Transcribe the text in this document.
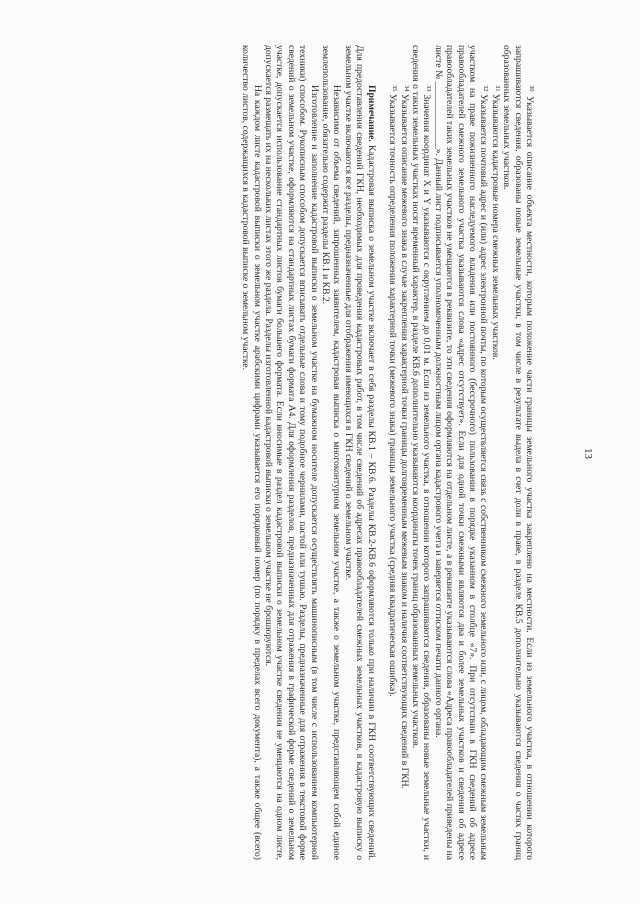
13

$^{30}$ Указывается описание объекта местности, которым положение части границы земельного участка закреплено на местности. Если из земельного участка, в отношении которого запрашиваются сведения, образованы новые земельные участки, в том числе в результате выдела в счет доли в праве, в разделе КВ.5 дополнительно указываются сведения о частях границ образованных земельных участков.

$^{31}$ Указываются кадастровые номера смежных земельных участков.

$^{32}$ Указывается почтовый адрес и (или) адрес электронной почты, по которым осуществляется связь с собственником смежного земельного или, с лицом, обладающим смежным земельным участком на праве пожизненного наследуемого владения или постоянного (бессрочного) пользования в порядке указанном в столбце «7». При отсутствии в ГКН сведений об адресе правообладателей смежного земельного участка указываются слова «адрес отсутствует». Если для одной точки смежными являются два и более земельных участков и сведения об адресе правообладателей таких земельных участков не умещаются в реквизите, то эти сведения оформляются на отдельном листе, а в реквизите указываются слова «Адреса правообладателей приведены на листе № ______________». Данный лист подписывается уполномоченным должностным лицом органа кадастрового учета и заверяется оттиском печати данного органа.

$^{33}$ Значения координат X и Y указываются с округлением до 0,01 м. Если из земельного участка, в отношении которого запрашиваются сведения, образованы новые земельные участки, и сведения о таких земельных участках носят временный характер, в разделе КВ.6 дополнительно указываются координаты точек границ образованных земельных участков.

$^{34}$ Указывается описание межевого знака в случае закрепления характерной точки границы долговременным межевым знаком и наличия соответствующих сведений в ГКН.

$^{35}$ Указывается точность определения положения характерной точки (межевого знака) границы земельного участка (средняя квадратическая ошибка).

Примечание. Кадастровая выписка о земельном участке включает в себя разделы КВ.1 – КВ.6. Разделы КВ.2-КВ.6 оформляются только при наличии в ГКН соответствующих сведений. Для предоставления сведений ГКН, необходимых для проведения кадастровых работ, в том числе сведений об адресах правообладателей смежных земельных участков, в кадастровую выписку о земельном участке включаются все разделы, предназначенные для отображения имеющихся в ГКН сведений о земельном участке.

Независимо от объема сведений, запрошенных заявителем, кадастровая выписка о многоконтурном земельном участке, а также о земельном участке, представляющем собой единое землепользование, обязательно содержит разделы КВ.1 и КВ.2.

Изготовление и заполнение кадастровой выписки о земельном участке на бумажном носителе допускается осуществлять машинописным (в том числе с использованием компьютерной техники) способом. Рукописным способом допускается вписывать отдельные слова и тому подобное чернилами, пастой или тушью. Разделы, предназначенные для отражения в текстовой форме сведений о земельном участке, оформляются на стандартных листах бумаги формата А4. Для оформления разделов, предназначенных для отражения в графической форме сведений о земельном участке, допускается использование стандартных листов бумаги большего формата. Если вносимые в раздел кадастровой выписки о земельном участке сведения не умещаются на одном листе, допускается размещать их на нескольких листах этого же раздела. Разделы изготовленной кадастровой выписки о земельном участке не брошюруются.

На каждом листе кадастровой выписки о земельном участке арабскими цифрами указывается его порядковый номер (по порядку в пределах всего документа), а также общее (всего) количество листов, содержащихся в кадастровой выписке о земельном участке.
